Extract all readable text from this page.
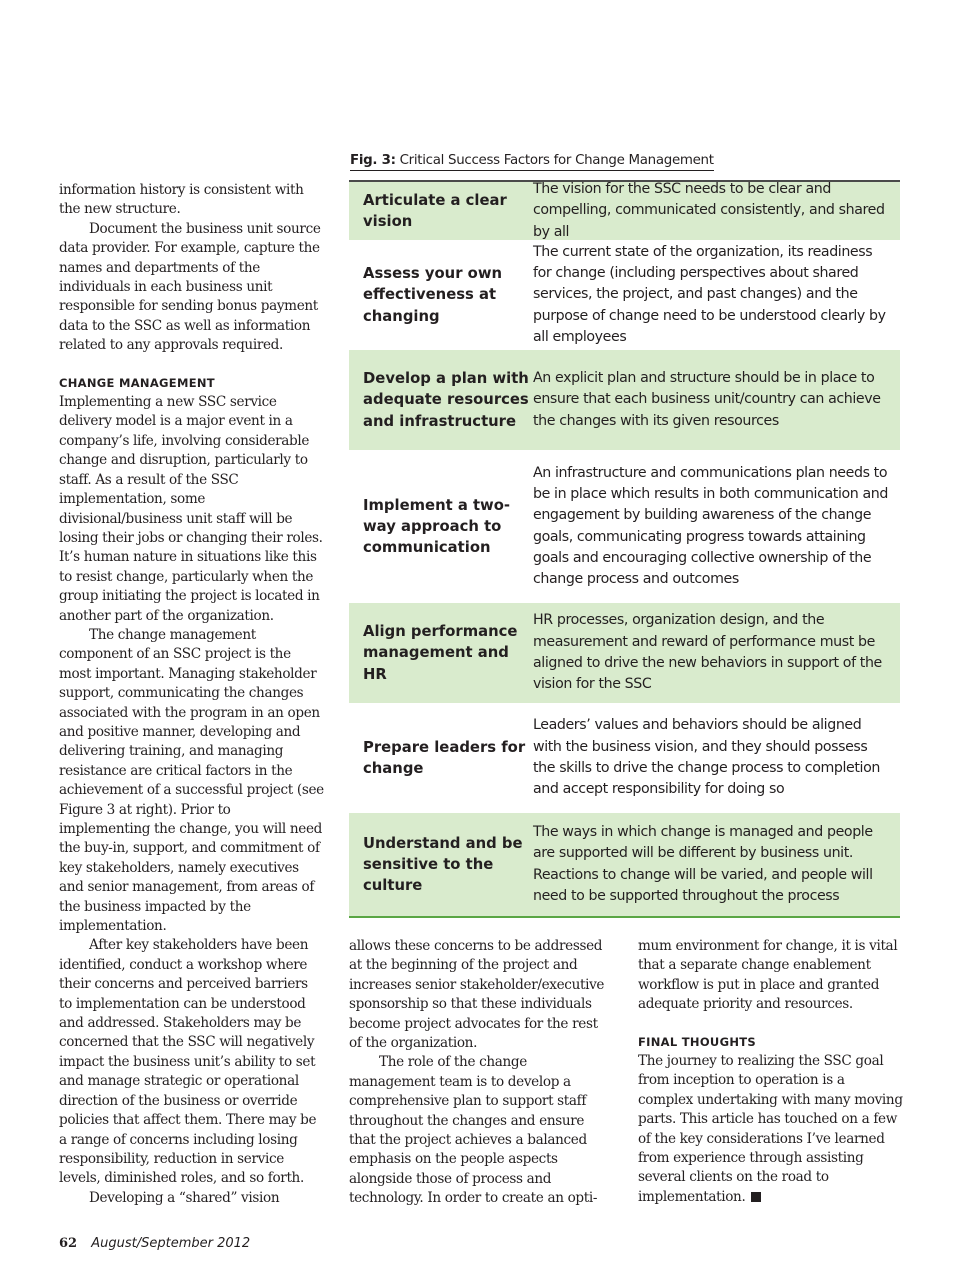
information history is consistent with the new structure.

Document the business unit source data provider. For example, capture the names and departments of the individuals in each business unit responsible for sending bonus payment data to the SSC as well as information related to any approvals required.

CHANGE MANAGEMENT

Implementing a new SSC service delivery model is a major event in a company’s life, involving considerable change and disruption, particularly to staff. As a result of the SSC implementation, some divisional/business unit staff will be losing their jobs or changing their roles. It’s human nature in situations like this to resist change, particularly when the group initiating the project is located in another part of the organization.

The change management component of an SSC project is the most important. Managing stakeholder support, communicating the changes associated with the program in an open and positive manner, developing and delivering training, and managing resistance are critical factors in the achievement of a successful project (see Figure 3 at right). Prior to implementing the change, you will need the buy-in, support, and commitment of key stakeholders, namely executives and senior management, from areas of the business impacted by the implementation.

After key stakeholders have been identified, conduct a workshop where their concerns and perceived barriers to implementation can be understood and addressed. Stakeholders may be concerned that the SSC will negatively impact the business unit’s ability to set and manage strategic or operational direction of the business or override policies that affect them. There may be a range of concerns including losing responsibility, reduction in service levels, diminished roles, and so forth.

Developing a “shared” vision

Fig. 3: Critical Success Factors for Change Management
Articulate a clear vision
The vision for the SSC needs to be clear and compelling, communicated consistently, and shared by all
Assess your own effectiveness at changing
The current state of the organization, its readiness for change (including perspectives about shared services, the project, and past changes) and the purpose of change need to be understood clearly by all employees
Develop a plan with adequate resources and infrastructure
An explicit plan and structure should be in place to ensure that each business unit/country can achieve the changes with its given resources
Implement a two-way approach to communication
An infrastructure and communications plan needs to be in place which results in both communication and engagement by building awareness of the change goals, communicating progress towards attaining goals and encouraging collective ownership of the change process and outcomes
Align performance management and HR
HR processes, organization design, and the measurement and reward of performance must be aligned to drive the new behaviors in support of the vision for the SSC
Prepare leaders for change
Leaders’ values and behaviors should be aligned with the business vision, and they should possess the skills to drive the change process to completion and accept responsibility for doing so
Understand and be sensitive to the culture
The ways in which change is managed and people are supported will be different by business unit. Reactions to change will be varied, and people will need to be supported throughout the process

allows these concerns to be addressed at the beginning of the project and increases senior stakeholder/executive sponsorship so that these individuals become project advocates for the rest of the organization.

The role of the change management team is to develop a comprehensive plan to support staff throughout the changes and ensure that the project achieves a balanced emphasis on the people aspects alongside those of process and technology. In order to create an opti-

mum environment for change, it is vital that a separate change enablement workflow is put in place and granted adequate priority and resources.

FINAL THOUGHTS

The journey to realizing the SSC goal from inception to operation is a complex undertaking with many moving parts. This article has touched on a few of the key considerations I’ve learned from experience through assisting several clients on the road to implementation.

62 August/September 2012
